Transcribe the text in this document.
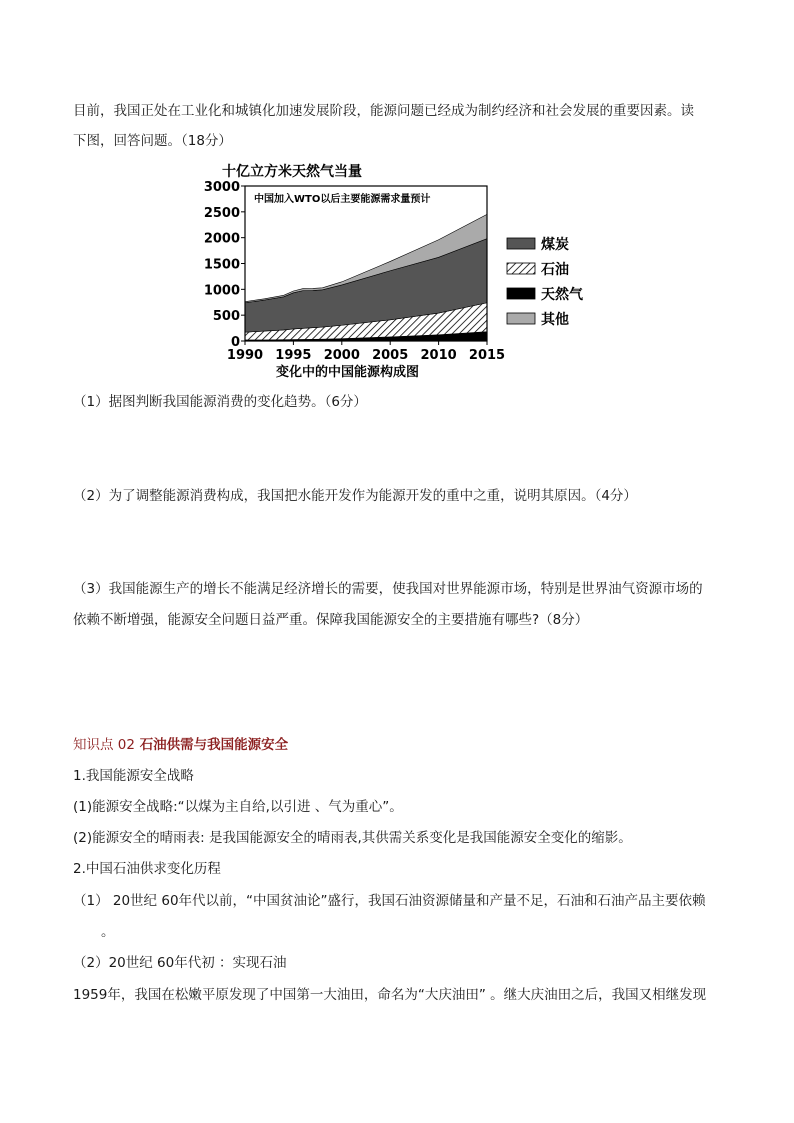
目前，我国正处在工业化和城镇化加速发展阶段，能源问题已经成为制约经济和社会发展的重要因素。读
下图，回答问题。（18分）
十亿立方米天然气当量
中国加入WTO以后主要能源需求量预计
0
500
1000
1500
2000
2500
3000
1990 1995 2000 2005 2010 2015
煤炭
石油
天然气
其他
变化中的中国能源构成图
（1）据图判断我国能源消费的变化趋势。（6分）
（2）为了调整能源消费构成，我国把水能开发作为能源开发的重中之重，说明其原因。（4分）
（3）我国能源生产的增长不能满足经济增长的需要，使我国对世界能源市场，特别是世界油气资源市场的
依赖不断增强，能源安全问题日益严重。保障我国能源安全的主要措施有哪些?（8分）
知识点 02 石油供需与我国能源安全
1.我国能源安全战略
(1)能源安全战略:“以煤为主自给,以引进 、气为重心”。
(2)能源安全的晴雨表: 是我国能源安全的晴雨表,其供需关系变化是我国能源安全变化的缩影。
2.中国石油供求变化历程
（1） 20世纪 60年代以前，“中国贫油论”盛行，我国石油资源储量和产量不足，石油和石油产品主要依赖
。
（2）20世纪 60年代初 ：实现石油
1959年，我国在松嫩平原发现了中国第一大油田，命名为“大庆油田” 。继大庆油田之后，我国又相继发现
